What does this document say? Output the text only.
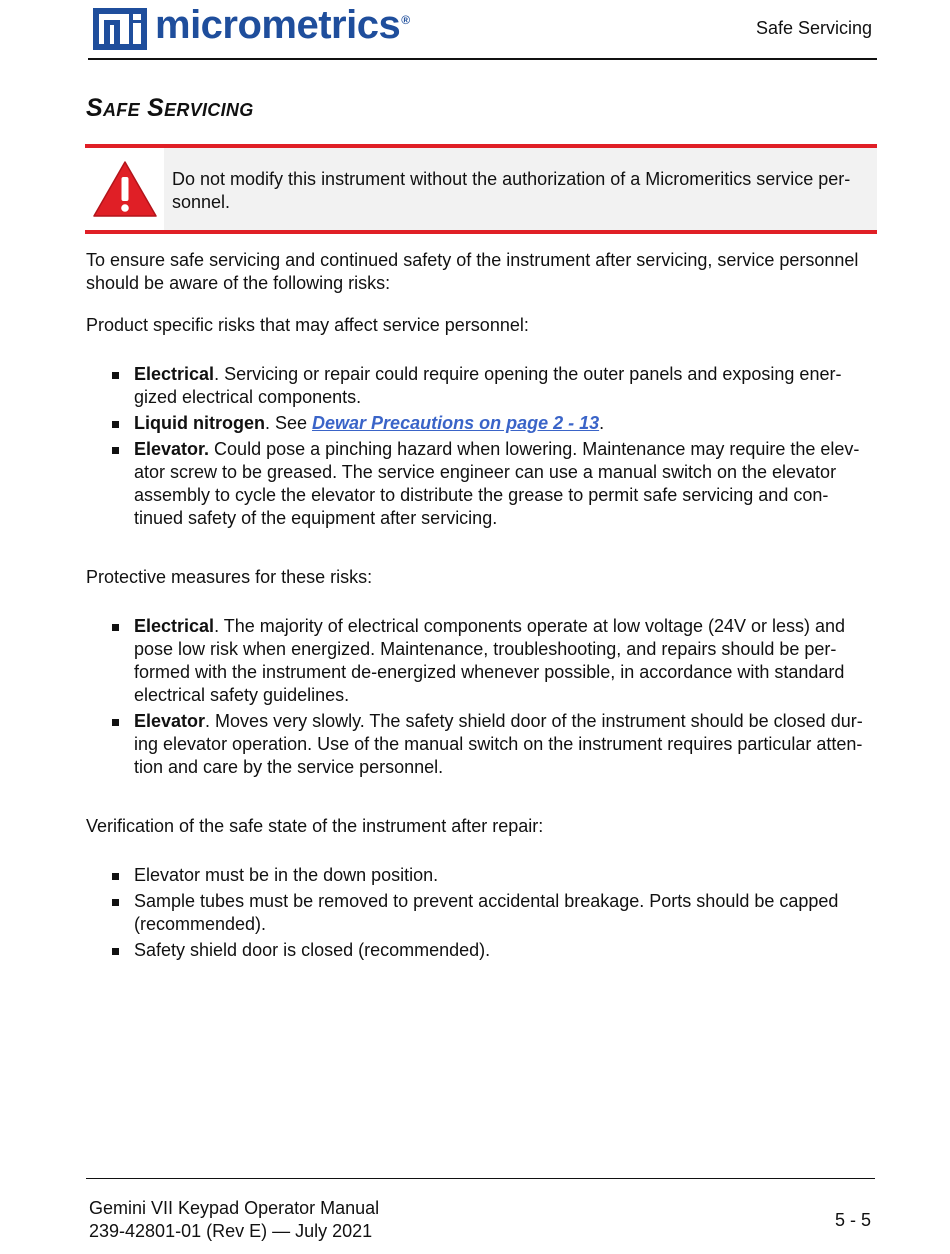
micrometrics®	Safe Servicing
Safe Servicing
Do not modify this instrument without the authorization of a Micromeritics service per-sonnel.

To ensure safe servicing and continued safety of the instrument after servicing, service personnel should be aware of the following risks:

Product specific risks that may affect service personnel:

Electrical. Servicing or repair could require opening the outer panels and exposing ener-gized electrical components.
Liquid nitrogen. See Dewar Precautions on page 2 - 13.
Elevator. Could pose a pinching hazard when lowering. Maintenance may require the elev-ator screw to be greased. The service engineer can use a manual switch on the elevator assembly to cycle the elevator to distribute the grease to permit safe servicing and con-tinued safety of the equipment after servicing.

Protective measures for these risks:

Electrical. The majority of electrical components operate at low voltage (24V or less) and pose low risk when energized. Maintenance, troubleshooting, and repairs should be per-formed with the instrument de-energized whenever possible, in accordance with standard electrical safety guidelines.
Elevator. Moves very slowly. The safety shield door of the instrument should be closed dur-ing elevator operation. Use of the manual switch on the instrument requires particular atten-tion and care by the service personnel.

Verification of the safe state of the instrument after repair:

Elevator must be in the down position.
Sample tubes must be removed to prevent accidental breakage. Ports should be capped (recommended).
Safety shield door is closed (recommended).
Gemini VII Keypad Operator Manual
239-42801-01 (Rev E) — July 2021
5 - 5
